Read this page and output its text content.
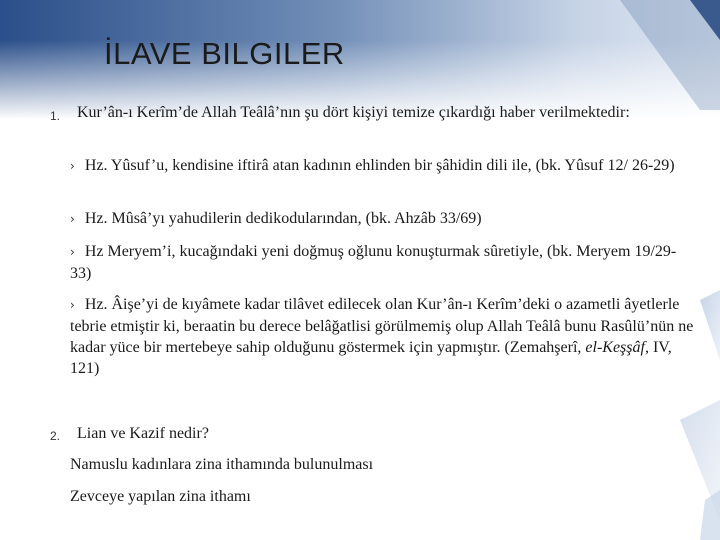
İLAVE BILGILER
1. Kur’ân-ı Kerîm’de Allah Teâlâ’nın şu dört kişiyi temize çıkardığı haber verilmektedir:
› Hz. Yûsuf’u, kendisine iftirâ atan kadının ehlinden bir şâhidin dili ile, (bk. Yûsuf 12/ 26-29)
› Hz. Mûsâ’yı yahudilerin dedikodularından, (bk. Ahzâb 33/69)
› Hz Meryem’i, kucağındaki yeni doğmuş oğlunu konuşturmak sûretiyle, (bk. Meryem 19/29-33)
› Hz. Âişe’yi de kıyâmete kadar tilâvet edilecek olan Kur’ân-ı Kerîm’deki o azametli âyetlerle tebrie etmiştir ki, beraatin bu derece belâğatlisi görülmemiş olup Allah Teâlâ bunu Rasûlü’nün ne kadar yüce bir mertebeye sahip olduğunu göstermek için yapmıştır. (Zemahşerî, el-Keşşâf, IV, 121)
2. Lian ve Kazif nedir?
Namuslu kadınlara zina ithamında bulunulması
Zevceye yapılan zina ithamı
